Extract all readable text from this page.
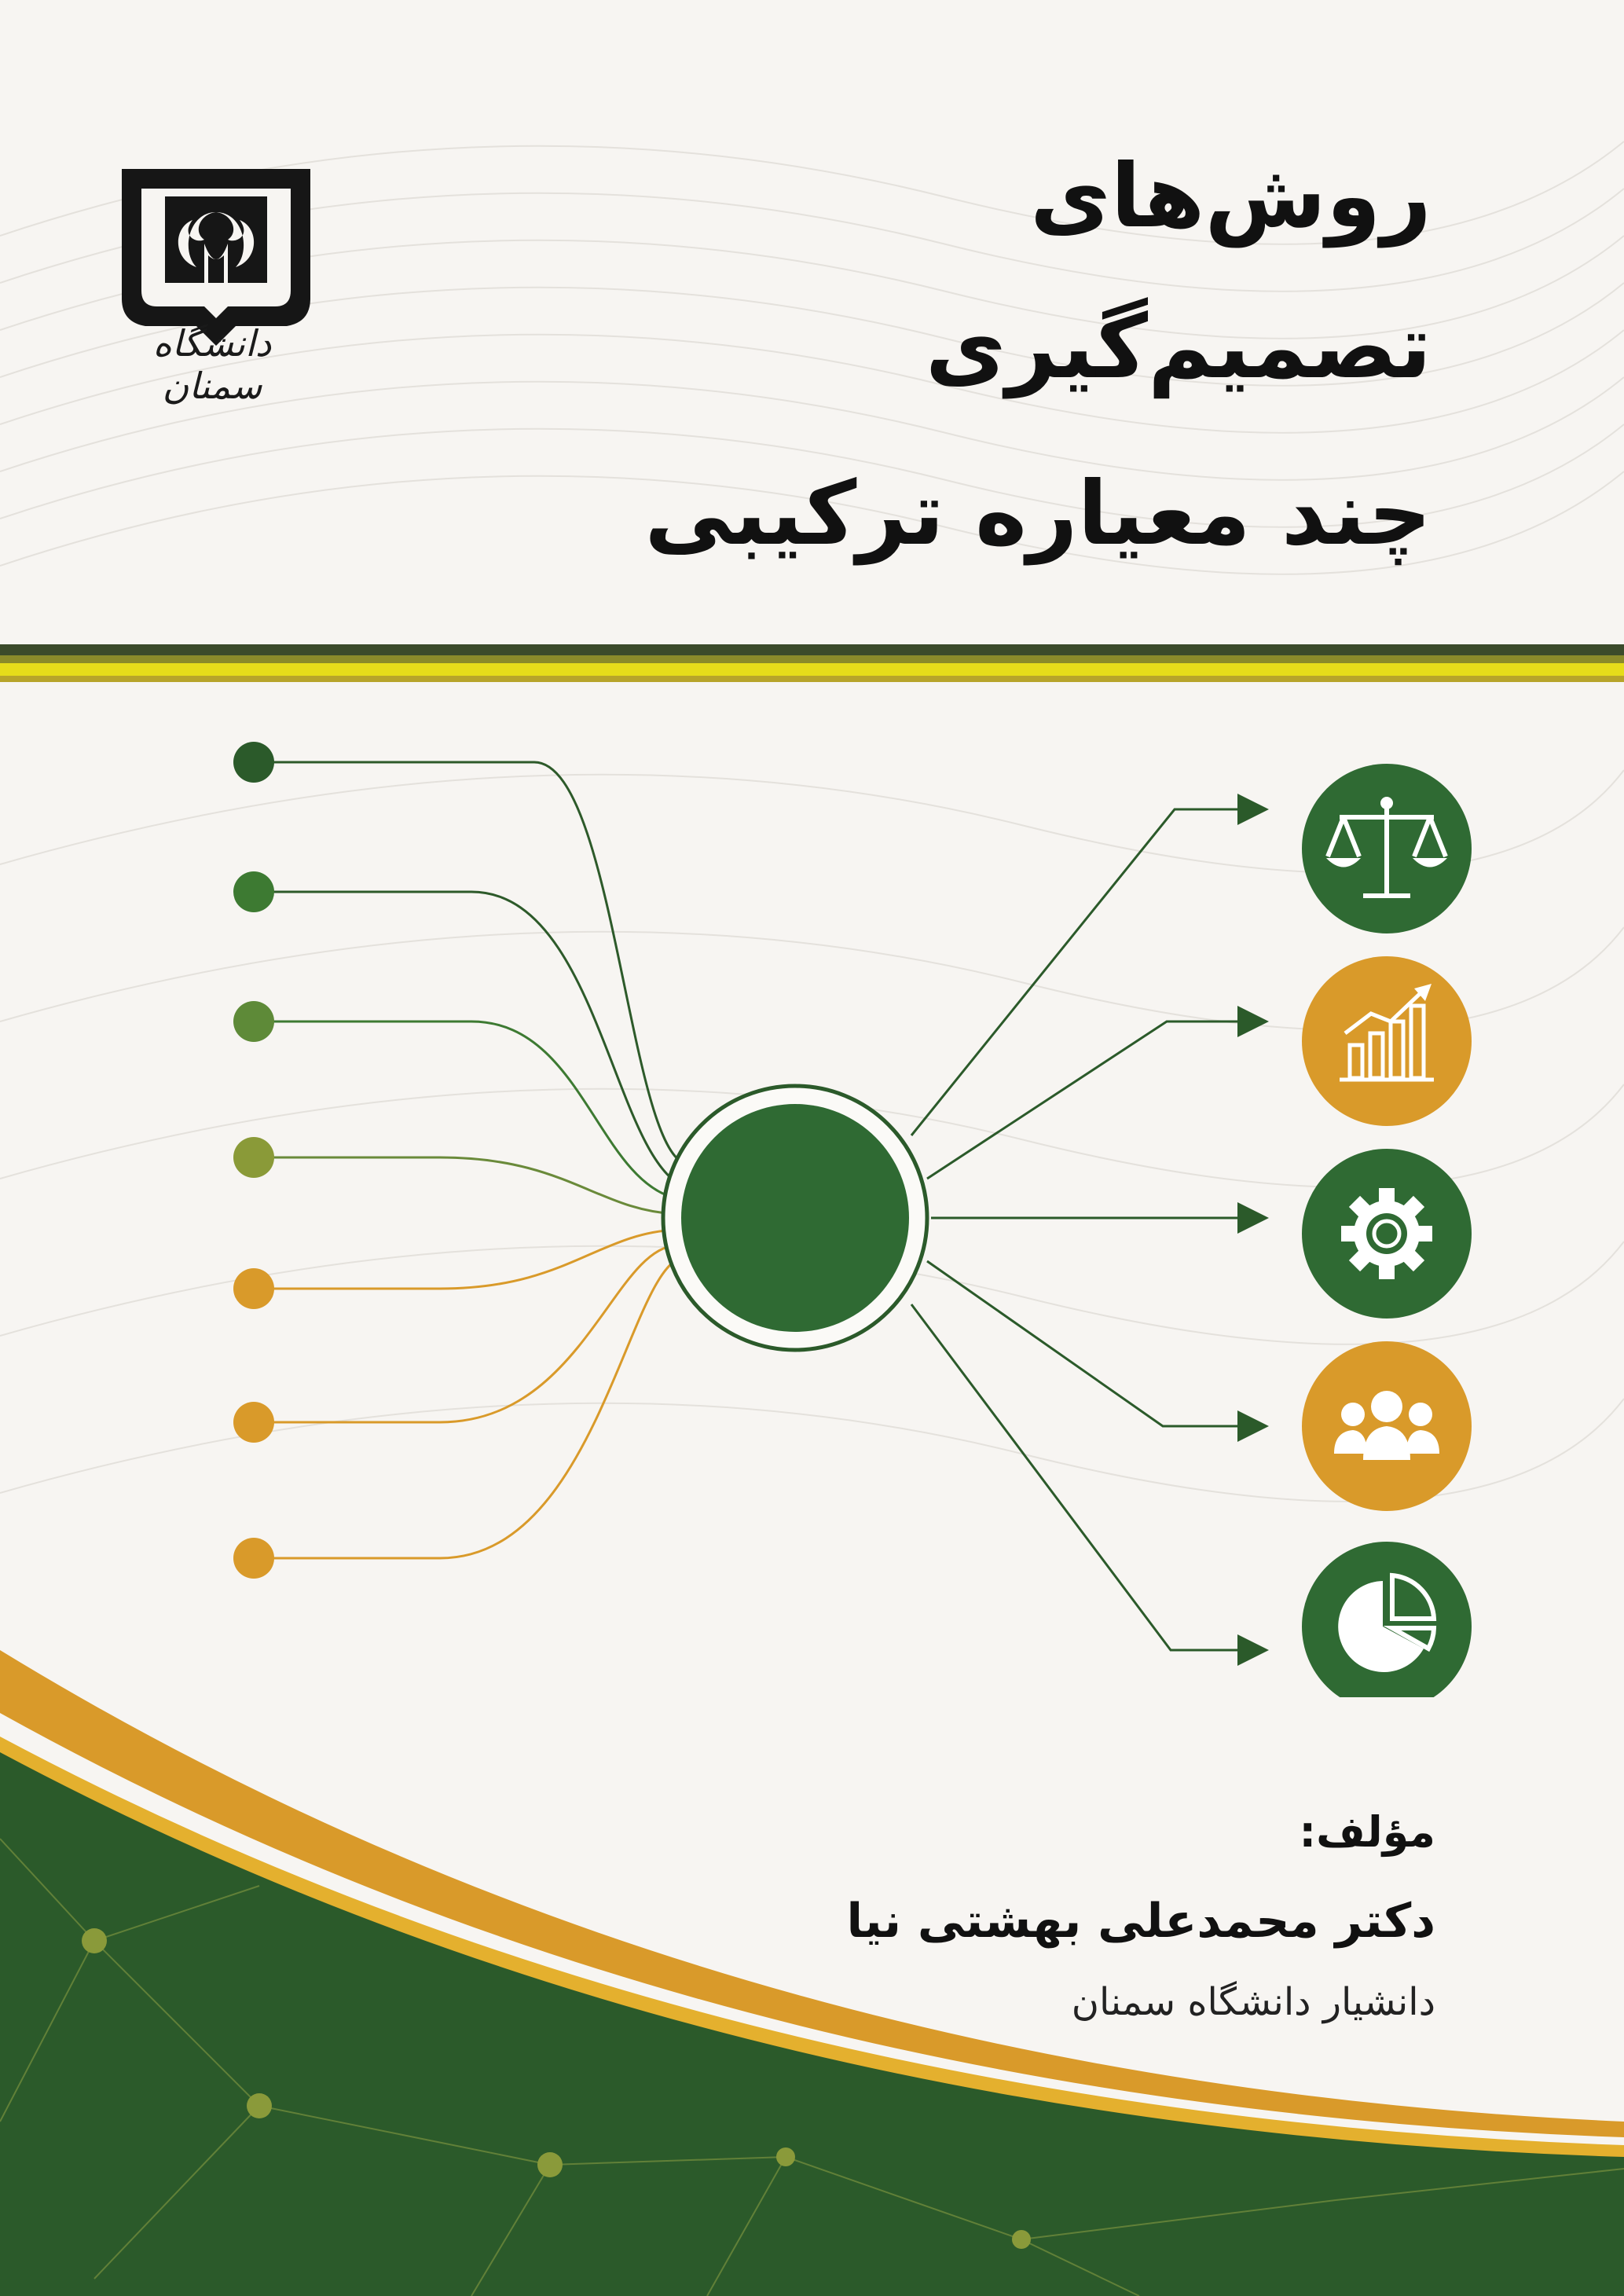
دانشگاه سمنان
روش‌های
تصمیم‌گیری
چند معیاره ترکیبی
مؤلف:
دکتر محمدعلی بهشتی نیا
دانشیار دانشگاه سمنان
